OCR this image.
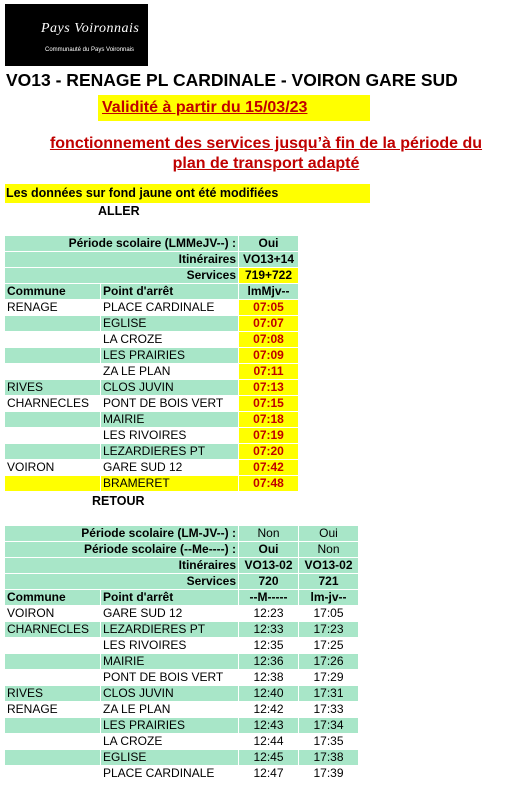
Pays Voironnais
Communauté du Pays Voironnais
VO13 - RENAGE PL CARDINALE - VOIRON GARE SUD
Validité à partir du 15/03/23
fonctionnement des services jusqu’à fin de la période du
plan de transport adapté
Les données sur fond jaune ont été modifiées
ALLER
Période scolaire (LMMeJV--) :		Oui
Itinéraires		VO13+14
Services		719+722
Commune	Point d'arrêt	lmMjv--
RENAGE	PLACE CARDINALE	07:05
	EGLISE	07:07
	LA CROZE	07:08
	LES PRAIRIES	07:09
	ZA LE PLAN	07:11
RIVES	CLOS JUVIN	07:13
CHARNECLES	PONT DE BOIS VERT	07:15
	MAIRIE	07:18
	LES RIVOIRES	07:19
	LEZARDIERES PT	07:20
VOIRON	GARE SUD 12	07:42
	BRAMERET	07:48
RETOUR
Période scolaire (LM-JV--) :		Non	Oui
Période scolaire (--Me----) :		Oui	Non
Itinéraires		VO13-02	VO13-02
Services		720	721
Commune	Point d'arrêt	--M-----	lm-jv--
VOIRON	GARE SUD 12	12:23	17:05
CHARNECLES	LEZARDIERES PT	12:33	17:23
	LES RIVOIRES	12:35	17:25
	MAIRIE	12:36	17:26
	PONT DE BOIS VERT	12:38	17:29
RIVES	CLOS JUVIN	12:40	17:31
RENAGE	ZA LE PLAN	12:42	17:33
	LES PRAIRIES	12:43	17:34
	LA CROZE	12:44	17:35
	EGLISE	12:45	17:38
	PLACE CARDINALE	12:47	17:39
